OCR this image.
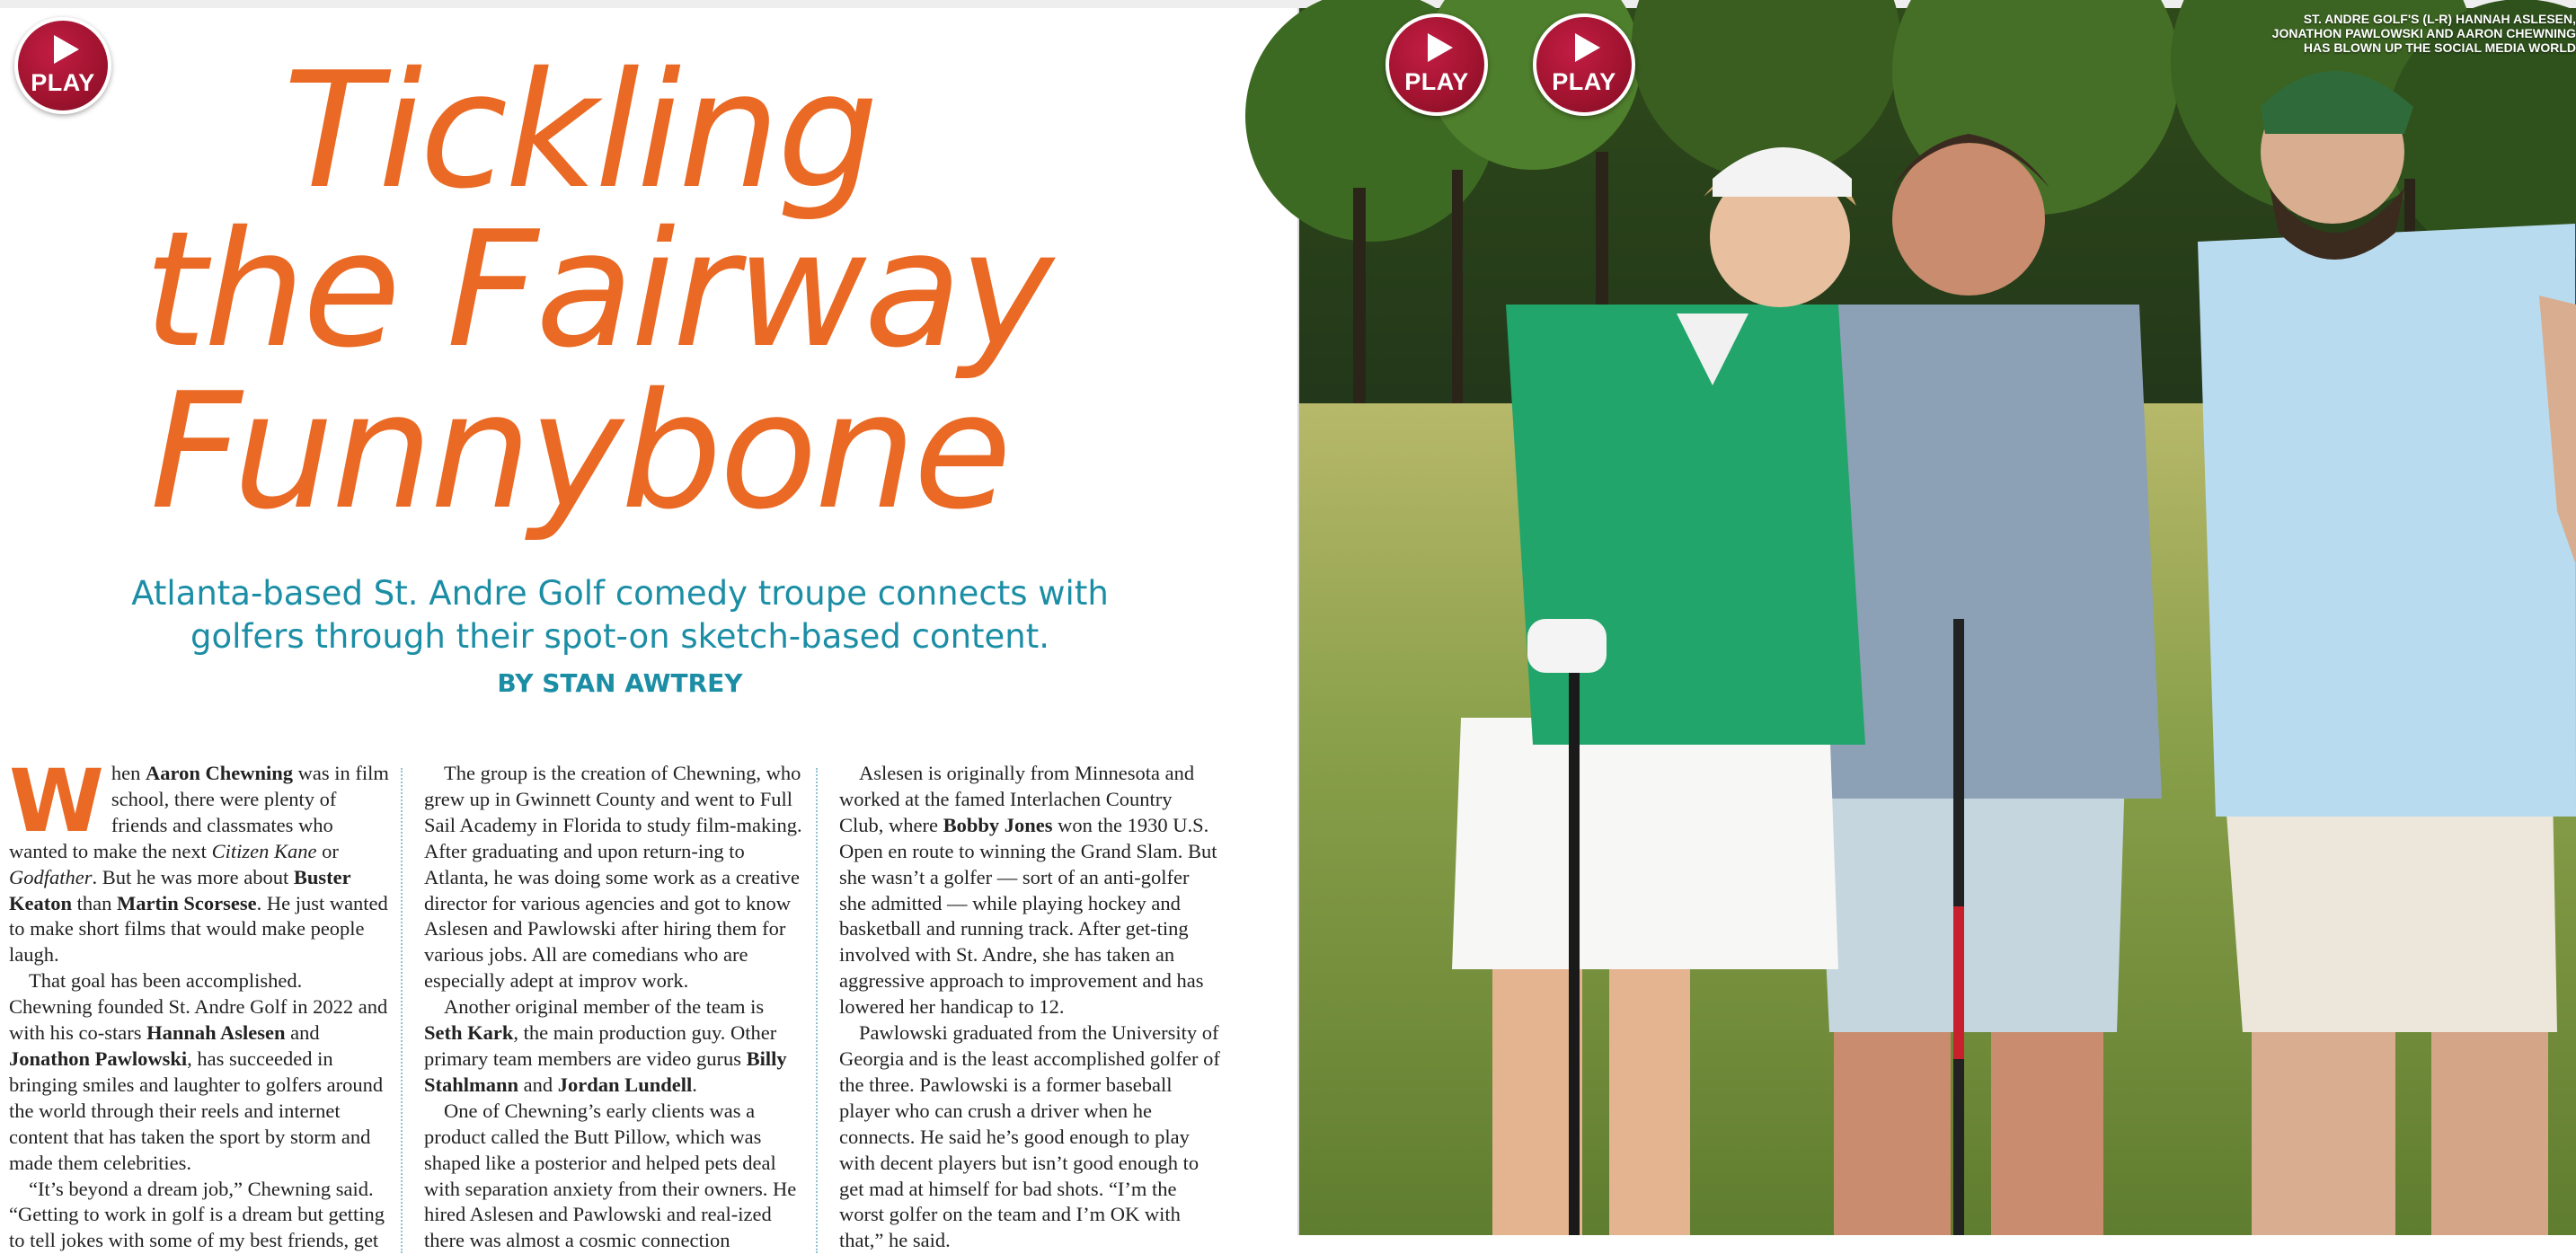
PLAY	Tickling
the Fairway
Funnybone
Atlanta-based St. Andre Golf comedy troupe connects with
golfers through their spot-on sketch-based content.
BY STAN AWTREY

When Aaron Chewning was in film school, there were plenty of friends and classmates who wanted to make the next Citizen Kane or Godfather. But he was more about Buster Keaton than Martin Scorsese. He just wanted to make short films that would make people laugh.

That goal has been accomplished. Chewning founded St. Andre Golf in 2022 and with his co-stars Hannah Aslesen and Jonathon Pawlowski, has succeeded in bringing smiles and laughter to golfers around the world through their reels and internet content that has taken the sport by storm and made them celebrities.

“It’s beyond a dream job,” Chewning said. “Getting to work in golf is a dream but getting to tell jokes with some of my best friends, get

The group is the creation of Chewning, who grew up in Gwinnett County and went to Full Sail Academy in Florida to study film-making. After graduating and upon return-ing to Atlanta, he was doing some work as a creative director for various agencies and got to know Aslesen and Pawlowski after hiring them for various jobs. All are comedians who are especially adept at improv work.

Another original member of the team is Seth Kark, the main production guy. Other primary team members are video gurus Billy Stahlmann and Jordan Lundell.

One of Chewning’s early clients was a product called the Butt Pillow, which was shaped like a posterior and helped pets deal with separation anxiety from their owners. He hired Aslesen and Pawlowski and real-ized there was almost a cosmic connection

Aslesen is originally from Minnesota and worked at the famed Interlachen Country Club, where Bobby Jones won the 1930 U.S. Open en route to winning the Grand Slam. But she wasn’t a golfer — sort of an anti-golfer she admitted — while playing hockey and basketball and running track. After get-ting involved with St. Andre, she has taken an aggressive approach to improvement and has lowered her handicap to 12.

Pawlowski graduated from the University of Georgia and is the least accomplished golfer of the three. Pawlowski is a former baseball player who can crush a driver when he connects. He said he’s good enough to play with decent players but isn’t good enough to get mad at himself for bad shots. “I’m the worst golfer on the team and I’m OK with that,” he said.

ST. ANDRE GOLF'S (L-R) HANNAH ASLESEN,
JONATHON PAWLOWSKI AND AARON CHEWNING
HAS BLOWN UP THE SOCIAL MEDIA WORLD
PLAY	PLAY
